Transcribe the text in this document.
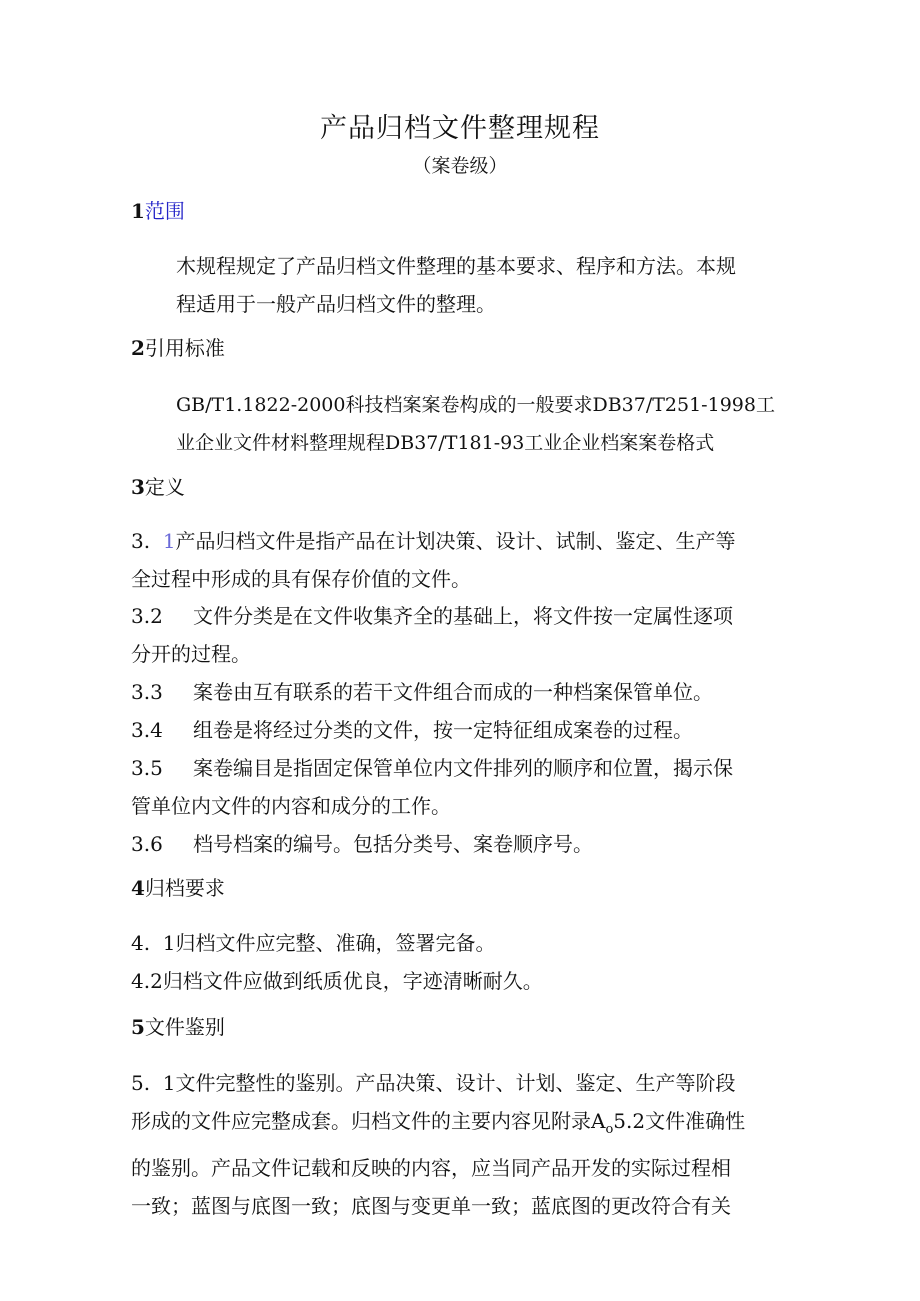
产品归档文件整理规程
（案卷级）
1范围
木规程规定了产品归档文件整理的基本要求、程序和方法。本规
程适用于一般产品归档文件的整理。
2引用标准
GB/T1.1822-2000科技档案案卷构成的一般要求DB37/T251-1998工
业企业文件材料整理规程DB37/T181-93工业企业档案案卷格式
3定义
3. 1产品归档文件是指产品在计划决策、设计、试制、鉴定、生产等
全过程中形成的具有保存价值的文件。
3.2 文件分类是在文件收集齐全的基础上，将文件按一定属性逐项
分开的过程。
3.3 案卷由互有联系的若干文件组合而成的一种档案保管单位。
3.4 组卷是将经过分类的文件，按一定特征组成案卷的过程。
3.5 案卷编目是指固定保管单位内文件排列的顺序和位置，揭示保
管单位内文件的内容和成分的工作。
3.6 档号档案的编号。包括分类号、案卷顺序号。
4归档要求
4.  1归档文件应完整、准确，签署完备。
4.2归档文件应做到纸质优良，字迹清晰耐久。
5文件鉴别
5.  1文件完整性的鉴别。产品决策、设计、计划、鉴定、生产等阶段
形成的文件应完整成套。归档文件的主要内容见附录$A_o5.2$文件准确性
的鉴别。产品文件记载和反映的内容，应当同产品开发的实际过程相
一致；蓝图与底图一致；底图与变更单一致；蓝底图的更改符合有关
